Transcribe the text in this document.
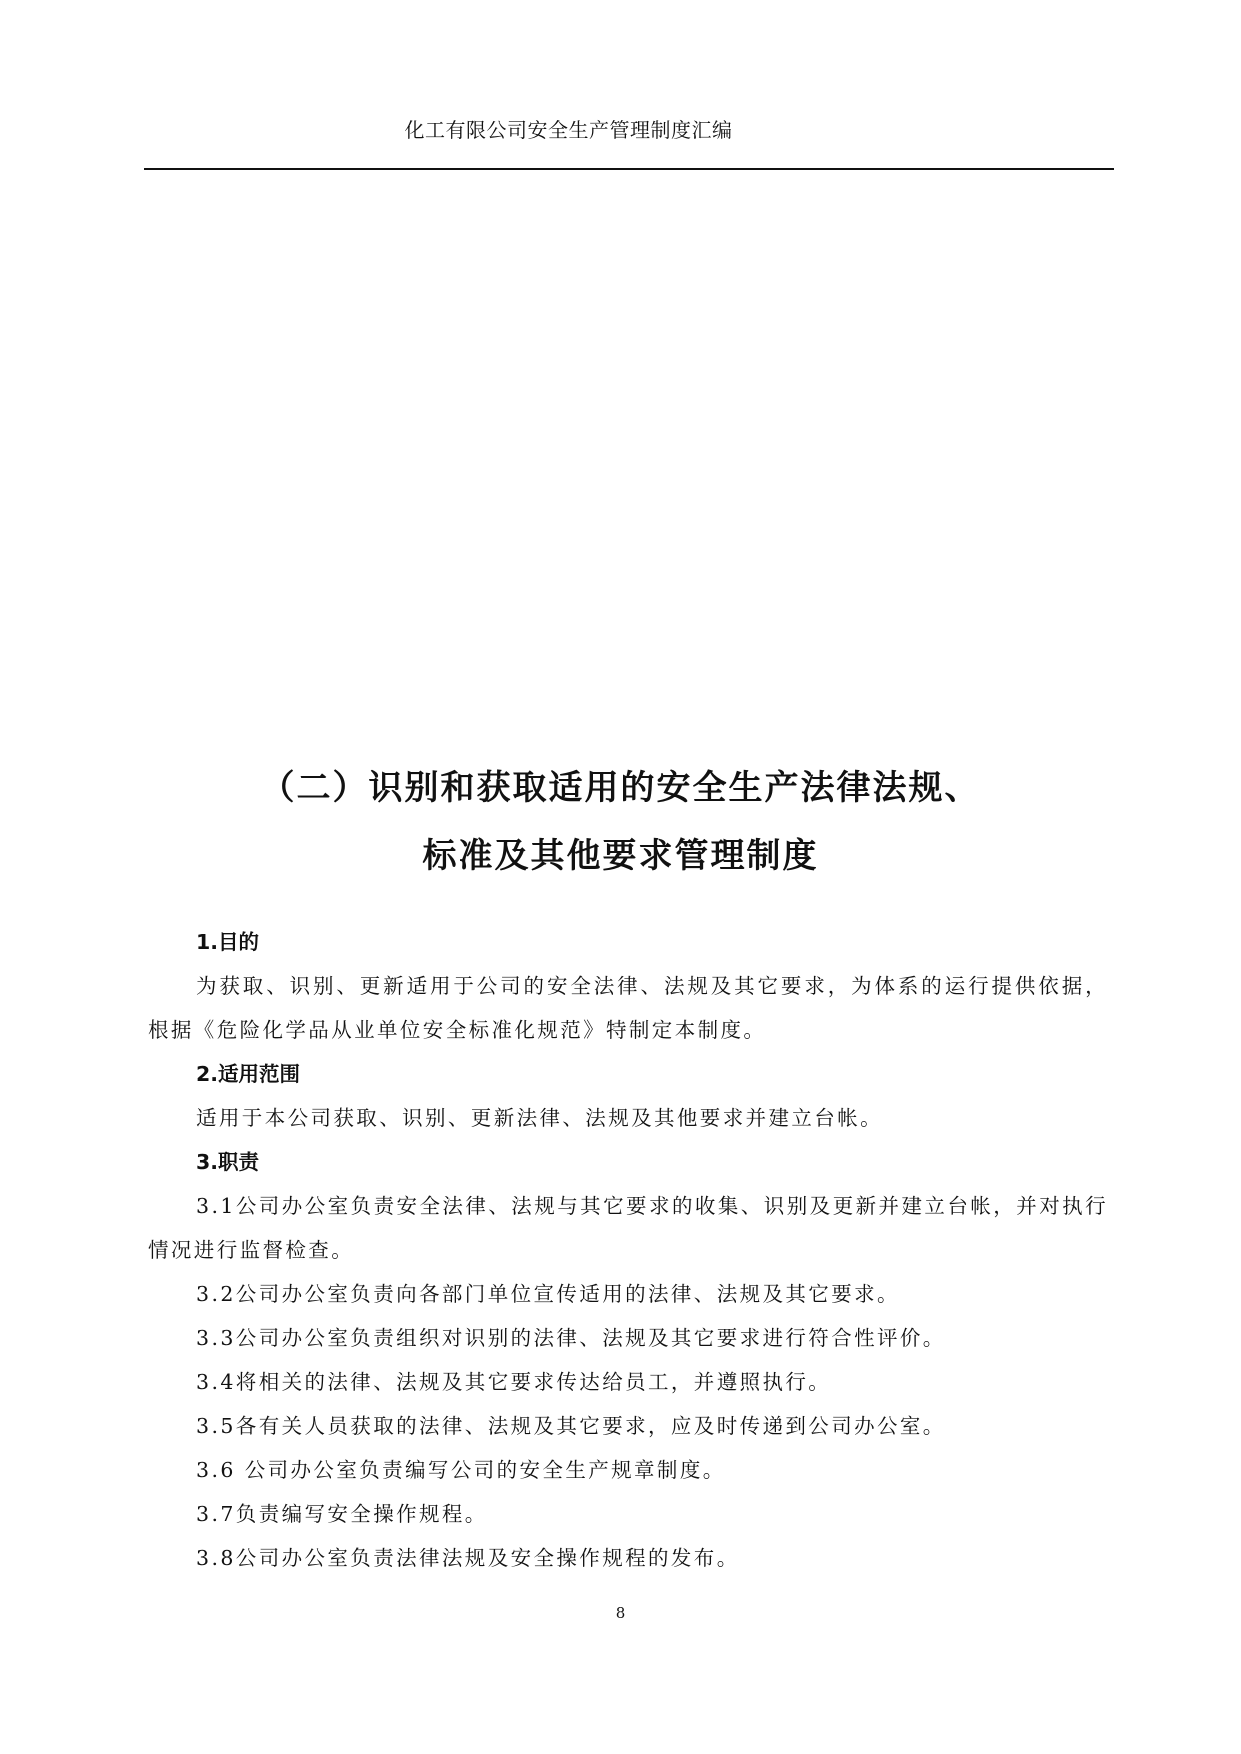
化工有限公司安全生产管理制度汇编
（二）识别和获取适用的安全生产法律法规、
标准及其他要求管理制度

1.目的

为获取、识别、更新适用于公司的安全法律、法规及其它要求，为体系的运行提供依据，根据《危险化学品从业单位安全标准化规范》特制定本制度。

2.适用范围

适用于本公司获取、识别、更新法律、法规及其他要求并建立台帐。

3.职责

3.1公司办公室负责安全法律、法规与其它要求的收集、识别及更新并建立台帐，并对执行情况进行监督检查。

3.2公司办公室负责向各部门单位宣传适用的法律、法规及其它要求。

3.3公司办公室负责组织对识别的法律、法规及其它要求进行符合性评价。

3.4将相关的法律、法规及其它要求传达给员工，并遵照执行。

3.5各有关人员获取的法律、法规及其它要求，应及时传递到公司办公室。

3.6 公司办公室负责编写公司的安全生产规章制度。

3.7负责编写安全操作规程。

3.8公司办公室负责法律法规及安全操作规程的发布。

8
